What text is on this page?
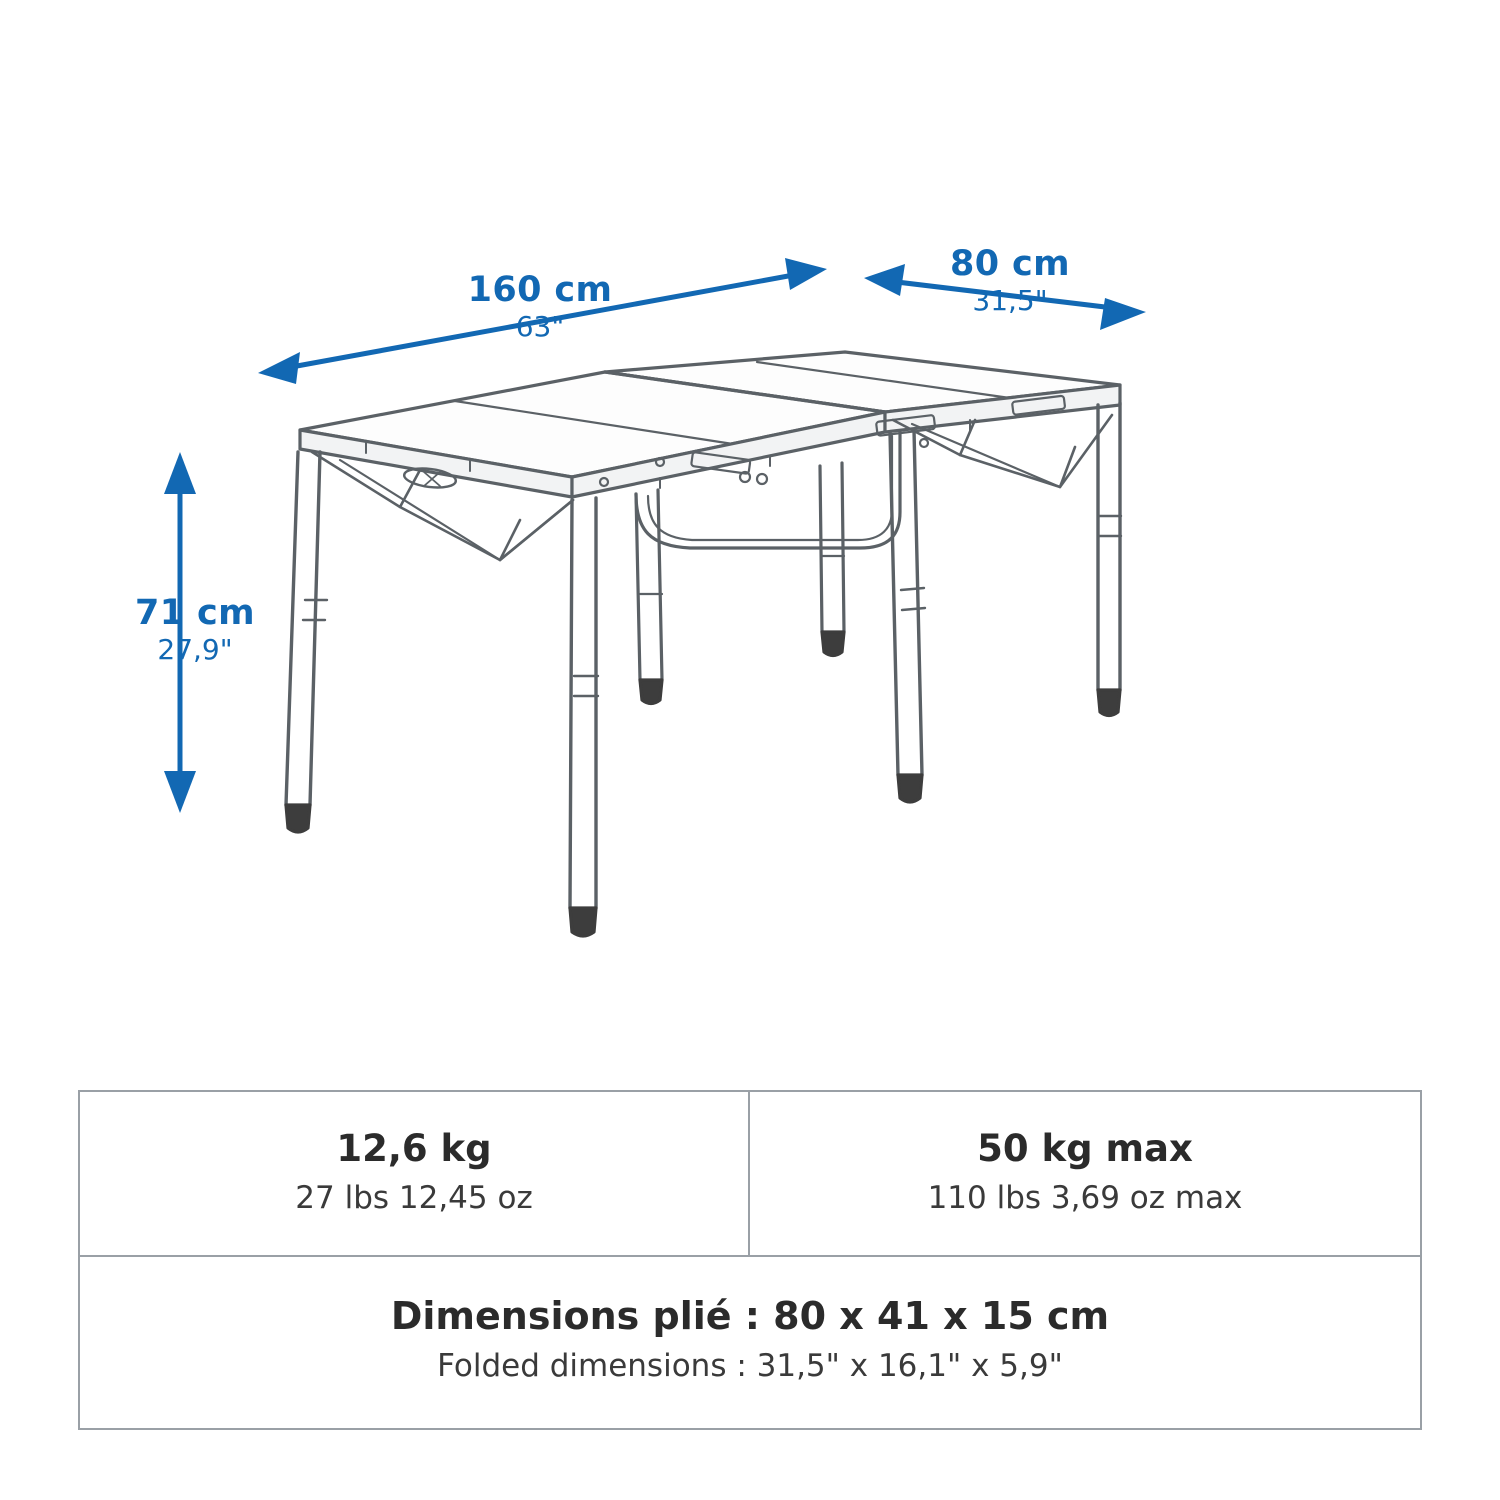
160 cm
63"
80 cm
31,5"
71 cm
27,9"
12,6 kg
27 lbs 12,45 oz
50 kg max
110 lbs 3,69 oz max
Dimensions plié : 80 x 41 x 15 cm
Folded dimensions : 31,5" x 16,1" x 5,9"
